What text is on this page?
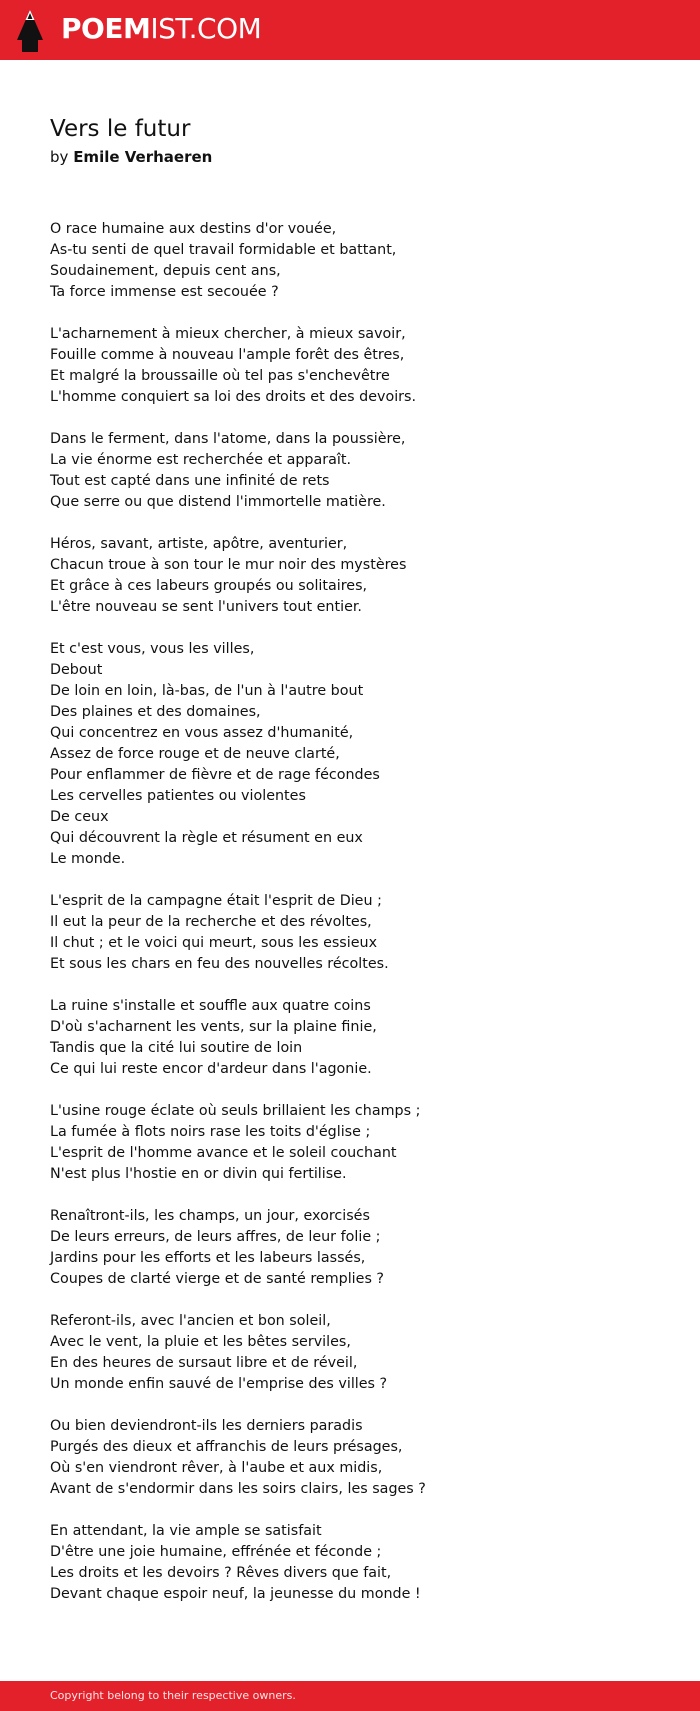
POEMIST.COM
Vers le futur
by Emile Verhaeren
O race humaine aux destins d'or vouée,
As-tu senti de quel travail formidable et battant,
Soudainement, depuis cent ans,
Ta force immense est secouée ?
L'acharnement à mieux chercher, à mieux savoir,
Fouille comme à nouveau l'ample forêt des êtres,
Et malgré la broussaille où tel pas s'enchevêtre
L'homme conquiert sa loi des droits et des devoirs.
Dans le ferment, dans l'atome, dans la poussière,
La vie énorme est recherchée et apparaît.
Tout est capté dans une infinité de rets
Que serre ou que distend l'immortelle matière.
Héros, savant, artiste, apôtre, aventurier,
Chacun troue à son tour le mur noir des mystères
Et grâce à ces labeurs groupés ou solitaires,
L'être nouveau se sent l'univers tout entier.
Et c'est vous, vous les villes,
Debout
De loin en loin, là-bas, de l'un à l'autre bout
Des plaines et des domaines,
Qui concentrez en vous assez d'humanité,
Assez de force rouge et de neuve clarté,
Pour enflammer de fièvre et de rage fécondes
Les cervelles patientes ou violentes
De ceux
Qui découvrent la règle et résument en eux
Le monde.
L'esprit de la campagne était l'esprit de Dieu ;
Il eut la peur de la recherche et des révoltes,
Il chut ; et le voici qui meurt, sous les essieux
Et sous les chars en feu des nouvelles récoltes.
La ruine s'installe et souffle aux quatre coins
D'où s'acharnent les vents, sur la plaine finie,
Tandis que la cité lui soutire de loin
Ce qui lui reste encor d'ardeur dans l'agonie.
L'usine rouge éclate où seuls brillaient les champs ;
La fumée à flots noirs rase les toits d'église ;
L'esprit de l'homme avance et le soleil couchant
N'est plus l'hostie en or divin qui fertilise.
Renaîtront-ils, les champs, un jour, exorcisés
De leurs erreurs, de leurs affres, de leur folie ;
Jardins pour les efforts et les labeurs lassés,
Coupes de clarté vierge et de santé remplies ?
Referont-ils, avec l'ancien et bon soleil,
Avec le vent, la pluie et les bêtes serviles,
En des heures de sursaut libre et de réveil,
Un monde enfin sauvé de l'emprise des villes ?
Ou bien deviendront-ils les derniers paradis
Purgés des dieux et affranchis de leurs présages,
Où s'en viendront rêver, à l'aube et aux midis,
Avant de s'endormir dans les soirs clairs, les sages ?
En attendant, la vie ample se satisfait
D'être une joie humaine, effrénée et féconde ;
Les droits et les devoirs ? Rêves divers que fait,
Devant chaque espoir neuf, la jeunesse du monde !
Copyright belong to their respective owners.
